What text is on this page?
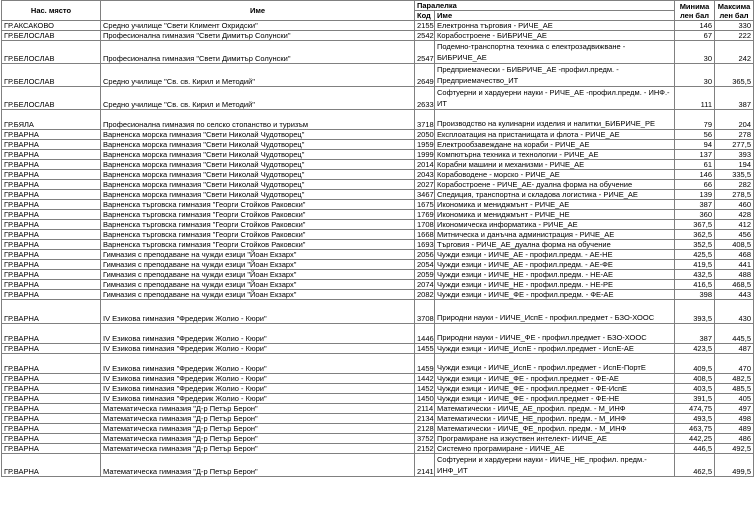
Нас. място	Име	Паралелка		Минима лен бал	Максима лен бал
		Код	Име		
ГР.АКСАКОВО	Средно училище "Свети Климент Охридски"	2155	Електронна търговия - РИЧЕ_АЕ	146	330
ГР.БЕЛОСЛАВ	Професионална гимназия "Свети Димитър Солунски"	2542	Корабостроене - БИБРИЧЕ_АЕ	67	222
ГР.БЕЛОСЛАВ	Професионална гимназия "Свети Димитър Солунски"	2547	Подемно-транспортна техника с електрозадвижване - БИБРИЧЕ_АЕ	30	242
ГР.БЕЛОСЛАВ	Средно училище "Св. св. Кирил и Методий"	2649	Предприемачески - БИБРИЧЕ_АЕ -профил.предм. - Предприемачество_ИТ	30	365,5
ГР.БЕЛОСЛАВ	Средно училище "Св. св. Кирил и Методий"	2633	Софтуерни и хардуерни науки - РИЧЕ_АЕ -профил.предм. - ИНФ.- ИТ	111	387
ГР.БЯЛА	Професионална гимназия по селско стопанство и туризъм	3718	Производство на кулинарни изделия и напитки_БИБРИЧЕ_РЕ	79	204
ГР.ВАРНА	Варненска морска гимназия "Свети Николай Чудотворец"	2050	Експлоатация на пристанищата и флота - РИЧЕ_АЕ	56	278
ГР.ВАРНА	Варненска морска гимназия "Свети Николай Чудотворец"	1959	Електрообзавеждане на кораби - РИЧЕ_АЕ	94	277,5
ГР.ВАРНА	Варненска морска гимназия "Свети Николай Чудотворец"	1999	Компютърна техника и технологии - РИЧЕ_АЕ	137	393
ГР.ВАРНА	Варненска морска гимназия "Свети Николай Чудотворец"	2014	Корабни машини и механизми - РИЧЕ_АЕ	61	194
ГР.ВАРНА	Варненска морска гимназия "Свети Николай Чудотворец"	2043	Корабоводене - морско - РИЧЕ_АЕ	146	335,5
ГР.ВАРНА	Варненска морска гимназия "Свети Николай Чудотворец"	2027	Корабостроене - РИЧЕ_АЕ- дуална форма на обучение	66	282
ГР.ВАРНА	Варненска морска гимназия "Свети Николай Чудотворец"	3467	Спедиция, транспортна и складова логистика - РИЧЕ_АЕ	139	278,5
ГР.ВАРНА	Варненска търговска гимназия "Георги Стойков Раковски"	1675	Икономика и мениджмънт - РИЧЕ_АЕ	387	460
ГР.ВАРНА	Варненска търговска гимназия "Георги Стойков Раковски"	1769	Икономика и мениджмънт - РИЧЕ_НЕ	360	428
ГР.ВАРНА	Варненска търговска гимназия "Георги Стойков Раковски"	1708	Икономическа информатика - РИЧЕ_АЕ	367,5	412
ГР.ВАРНА	Варненска търговска гимназия "Георги Стойков Раковски"	1668	Митническа и данъчна администрация - РИЧЕ_АЕ	362,5	456
ГР.ВАРНА	Варненска търговска гимназия "Георги Стойков Раковски"	1693	Търговия - РИЧЕ_АЕ_дуална форма на обучение	352,5	408,5
ГР.ВАРНА	Гимназия с преподаване на чужди езици "Йоан Екзарх"	2056	Чужди езици - ИИЧЕ_АЕ - профил.предм. - АЕ-НЕ	425,5	468
ГР.ВАРНА	Гимназия с преподаване на чужди езици "Йоан Екзарх"	2054	Чужди езици - ИИЧЕ_АЕ - профил.предм. - АЕ-ФЕ	419,5	441
ГР.ВАРНА	Гимназия с преподаване на чужди езици "Йоан Екзарх"	2059	Чужди езици - ИИЧЕ_НЕ - профил.предм. - НЕ-АЕ	432,5	488
ГР.ВАРНА	Гимназия с преподаване на чужди езици "Йоан Екзарх"	2074	Чужди езици - ИИЧЕ_НЕ - профил.предм. - НЕ-РЕ	416,5	468,5
ГР.ВАРНА	Гимназия с преподаване на чужди езици "Йоан Екзарх"	2082	Чужди езици - ИИЧЕ_ФЕ - профил.предм. - ФЕ-АЕ	398	443
ГР.ВАРНА	IV Езикова гимназия "Фредерик Жолио - Кюри"	3708	Природни науки - ИИЧЕ_ИспЕ - профил.предмет - БЗО-ХООС	393,5	430
ГР.ВАРНА	IV Езикова гимназия "Фредерик Жолио - Кюри"	1446	Природни науки - ИИЧЕ_ФЕ - профил.предмет - БЗО-ХООС	387	445,5
ГР.ВАРНА	IV Езикова гимназия "Фредерик Жолио - Кюри"	1455	Чужди езици - ИИЧЕ_ИспЕ - профил.предмет - ИспЕ-АЕ	423,5	487
ГР.ВАРНА	IV Езикова гимназия "Фредерик Жолио - Кюри"	1459	Чужди езици - ИИЧЕ_ИспЕ - профил.предмет - ИспЕ-ПортЕ	409,5	470
ГР.ВАРНА	IV Езикова гимназия "Фредерик Жолио - Кюри"	1442	Чужди езици - ИИЧЕ_ФЕ - профил.предмет - ФЕ-АЕ	408,5	482,5
ГР.ВАРНА	IV Езикова гимназия "Фредерик Жолио - Кюри"	1452	Чужди езици - ИИЧЕ_ФЕ - профил.предмет - ФЕ-ИспЕ	403,5	485,5
ГР.ВАРНА	IV Езикова гимназия "Фредерик Жолио - Кюри"	1450	Чужди езици - ИИЧЕ_ФЕ - профил.предмет - ФЕ-НЕ	391,5	405
ГР.ВАРНА	Математическа гимназия "Д-р Петър Берон"	2114	Математически - ИИЧЕ_АЕ_профил. предм. - М_ИНФ	474,75	497
ГР.ВАРНА	Математическа гимназия "Д-р Петър Берон"	2134	Математически - ИИЧЕ_НЕ_профил. предм. - М_ИНФ	493,5	498
ГР.ВАРНА	Математическа гимназия "Д-р Петър Берон"	2128	Математически - ИИЧЕ_ФЕ_профил. предм. - М_ИНФ	463,75	489
ГР.ВАРНА	Математическа гимназия "Д-р Петър Берон"	3752	Програмиране на изкуствен интелект- ИИЧЕ_АЕ	442,25	486
ГР.ВАРНА	Математическа гимназия "Д-р Петър Берон"	2152	Системно програмиране - ИИЧЕ_АЕ	446,5	492,5
ГР.ВАРНА	Математическа гимназия "Д-р Петър Берон"	2141	Софтуерни и хардуерни науки - ИИЧЕ_НЕ_профил. предм.- ИНФ_ИТ	462,5	499,5
